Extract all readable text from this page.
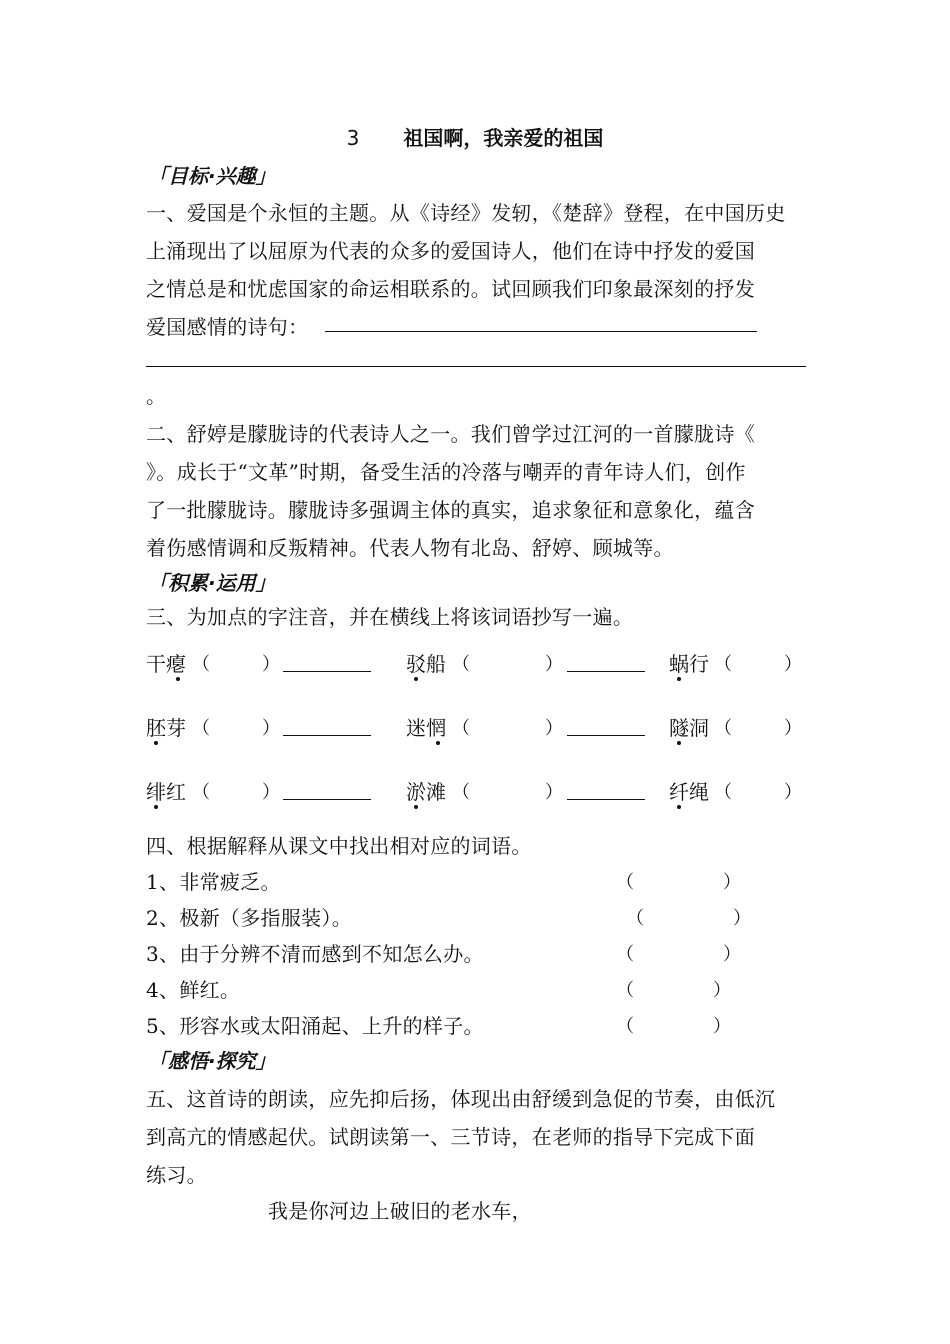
3 祖国啊，我亲爱的祖国
「目标·兴趣」
一、爱国是个永恒的主题。从《诗经》发轫，《楚辞》登程，在中国历史
上涌现出了以屈原为代表的众多的爱国诗人，他们在诗中抒发的爱国
之情总是和忧虑国家的命运相联系的。试回顾我们印象最深刻的抒发
爱国感情的诗句：
。
二、舒婷是朦胧诗的代表诗人之一。我们曾学过江河的一首朦胧诗《
》。成长于“文革”时期，备受生活的冷落与嘲弄的青年诗人们，创作
了一批朦胧诗。朦胧诗多强调主体的真实，追求象征和意象化，蕴含
着伤感情调和反叛精神。代表人物有北岛、舒婷、顾城等。
「积累·运用」
三、为加点的字注音，并在横线上将该词语抄写一遍。
干瘪 （	）	驳船 （	）	蜗行 （	）
胚芽 （	）	迷惘 （	）	隧洞 （	）
绯红 （	）	淤滩 （	）	纤绳 （	）
四、根据解释从课文中找出相对应的词语。
1、非常疲乏。	（	）
2、极新（多指服装）。	（	）
3、由于分辨不清而感到不知怎么办。	（	）
4、鲜红。	（	）
5、形容水或太阳涌起、上升的样子。	（	）
「感悟·探究」
五、这首诗的朗读，应先抑后扬，体现出由舒缓到急促的节奏，由低沉
到高亢的情感起伏。试朗读第一、三节诗，在老师的指导下完成下面
练习。
我是你河边上破旧的老水车，
